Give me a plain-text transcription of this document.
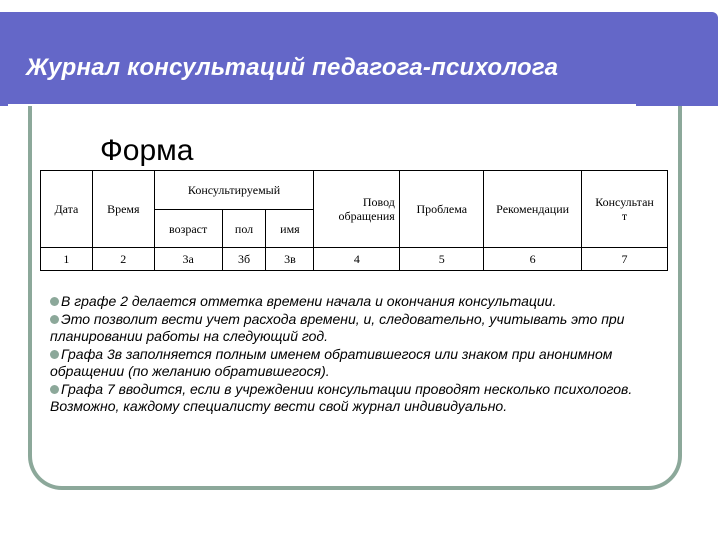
Журнал консультаций педагога-психолога
Форма
Дата	Время	Консультируемый			Повод обращения	Проблема	Рекомендации	Консультант
		возраст	пол	имя				
1	2	3а	3б	3в	4	5	6	7

В графе 2 делается отметка времени начала и окончания консультации.

Это позволит вести учет расхода времени, и, следовательно, учитывать это при планировании работы на следующий год.

Графа 3в заполняется полным именем обратившегося или знаком при анонимном обращении (по желанию обратившегося).

Графа 7 вводится, если в учреждении консультации проводят несколько психологов. Возможно, каждому специалисту вести свой журнал индивидуально.
